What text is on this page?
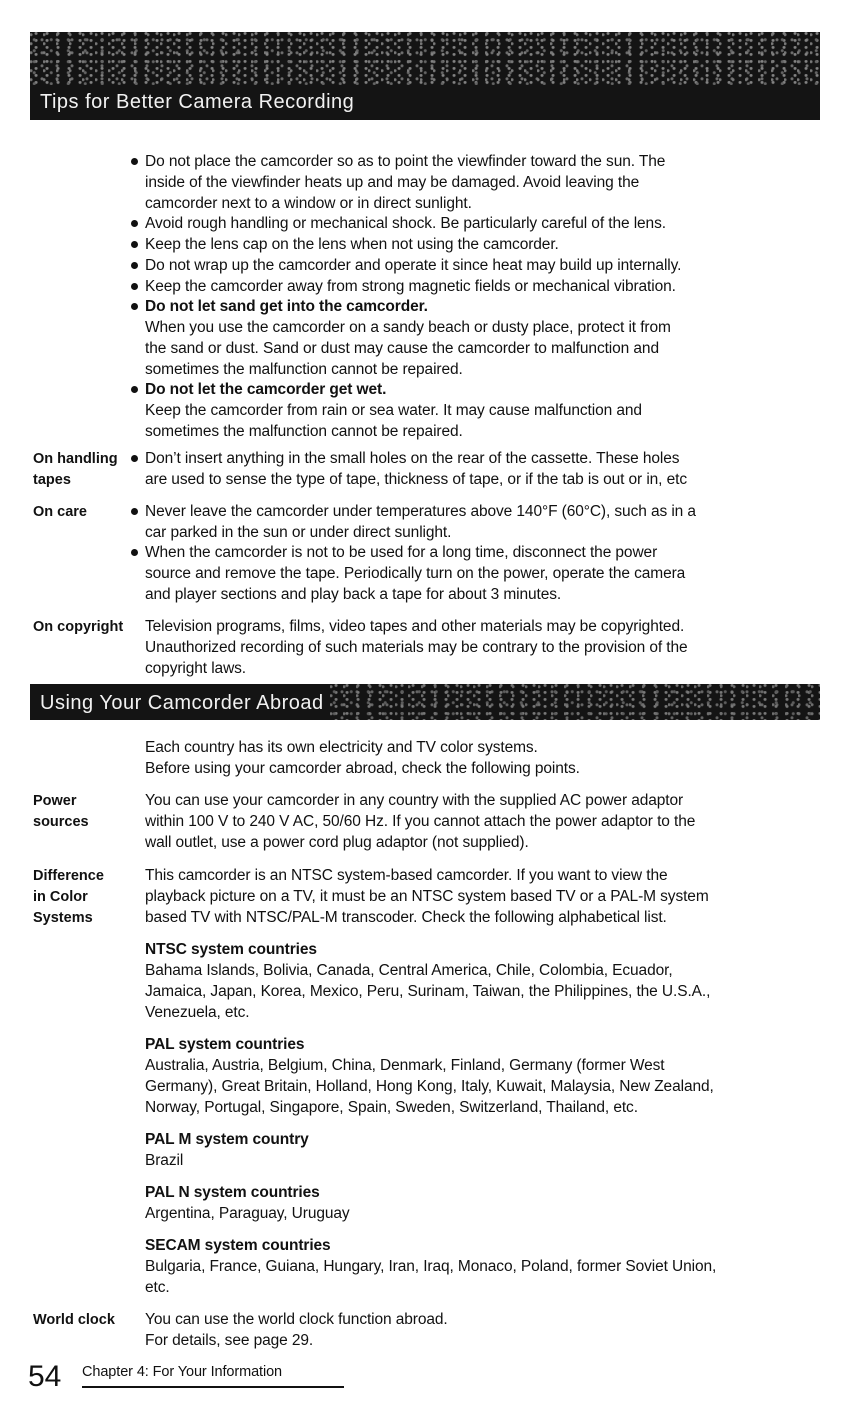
Tips for Better Camera Recording
Do not place the camcorder so as to point the viewfinder toward the sun. The
inside of the viewfinder heats up and may be damaged. Avoid leaving the
camcorder next to a window or in direct sunlight.
Avoid rough handling or mechanical shock. Be particularly careful of the lens.
Keep the lens cap on the lens when not using the camcorder.
Do not wrap up the camcorder and operate it since heat may build up internally.
Keep the camcorder away from strong magnetic fields or mechanical vibration.
Do not let sand get into the camcorder.
When you use the camcorder on a sandy beach or dusty place, protect it from
the sand or dust. Sand or dust may cause the camcorder to malfunction and
sometimes the malfunction cannot be repaired.
Do not let the camcorder get wet.
Keep the camcorder from rain or sea water. It may cause malfunction and
sometimes the malfunction cannot be repaired.
On handling
tapes
Don’t insert anything in the small holes on the rear of the cassette. These holes
are used to sense the type of tape, thickness of tape, or if the tab is out or in, etc
On care	Never leave the camcorder under temperatures above 140°F (60°C), such as in a
car parked in the sun or under direct sunlight.
When the camcorder is not to be used for a long time, disconnect the power
source and remove the tape. Periodically turn on the power, operate the camera
and player sections and play back a tape for about 3 minutes.
On copyright Television programs, films, video tapes and other materials may be copyrighted.
Unauthorized recording of such materials may be contrary to the provision of the
copyright laws.
Using Your Camcorder Abroad
Each country has its own electricity and TV color systems.
Before using your camcorder abroad, check the following points.
Power
sources
You can use your camcorder in any country with the supplied AC power adaptor
within 100 V to 240 V AC, 50/60 Hz. If you cannot attach the power adaptor to the
wall outlet, use a power cord plug adaptor (not supplied).
Difference
in Color
Systems
This camcorder is an NTSC system-based camcorder. If you want to view the
playback picture on a TV, it must be an NTSC system based TV or a PAL-M system
based TV with NTSC/PAL-M transcoder. Check the following alphabetical list.
NTSC system countries
Bahama Islands, Bolivia, Canada, Central America, Chile, Colombia, Ecuador,
Jamaica, Japan, Korea, Mexico, Peru, Surinam, Taiwan, the Philippines, the U.S.A.,
Venezuela, etc.
PAL system countries
Australia, Austria, Belgium, China, Denmark, Finland, Germany (former West
Germany), Great Britain, Holland, Hong Kong, Italy, Kuwait, Malaysia, New Zealand,
Norway, Portugal, Singapore, Spain, Sweden, Switzerland, Thailand, etc.
PAL M system country
Brazil
PAL N system countries
Argentina, Paraguay, Uruguay
SECAM system countries
Bulgaria, France, Guiana, Hungary, Iran, Iraq, Monaco, Poland, former Soviet Union,
etc.
World clock You can use the world clock function abroad.
For details, see page 29.
54 Chapter 4: For Your Information
